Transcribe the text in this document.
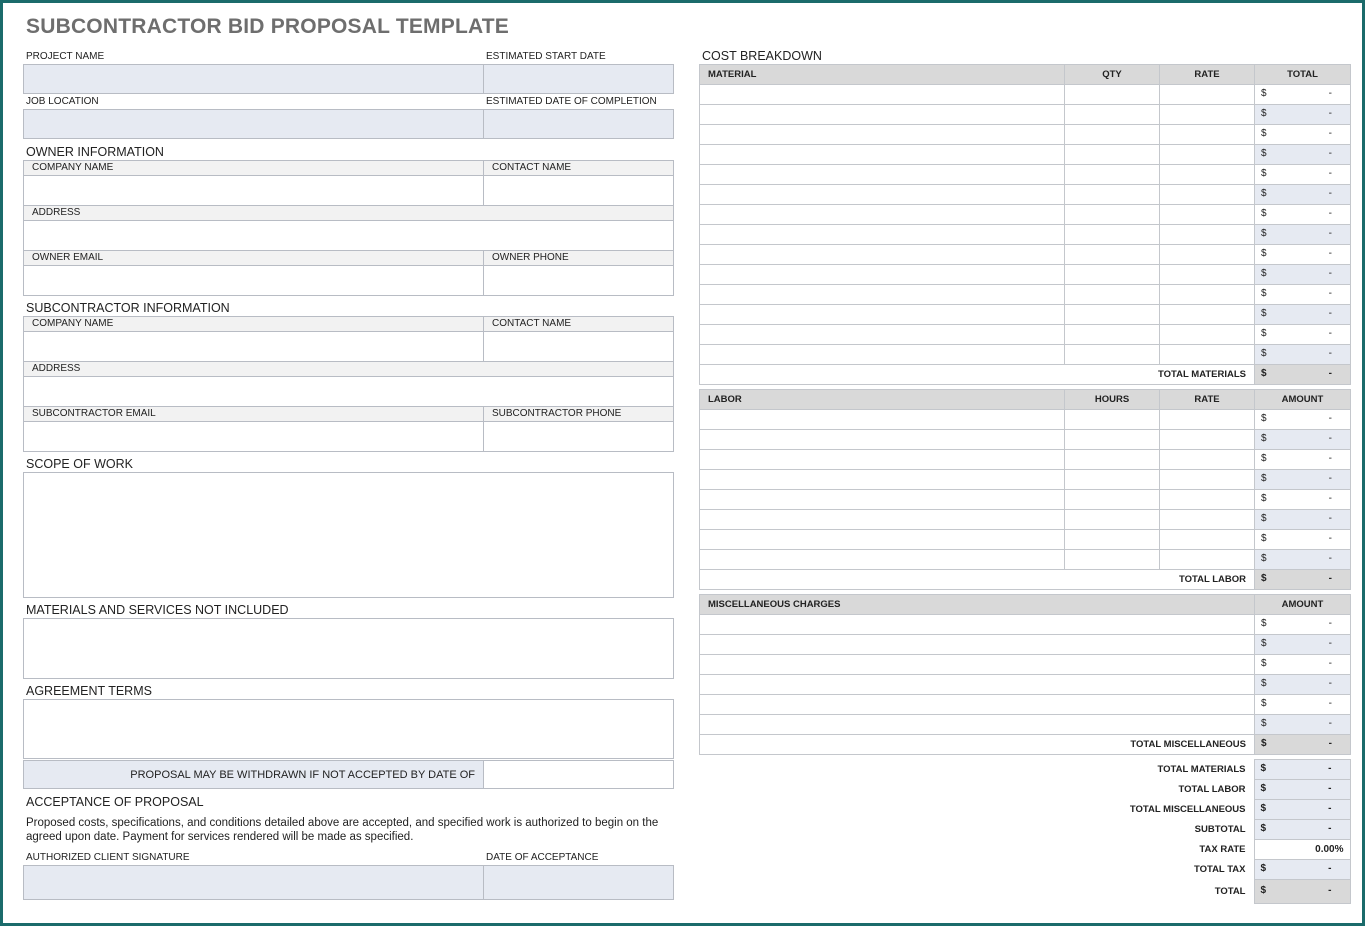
SUBCONTRACTOR BID PROPOSAL TEMPLATE
PROJECT NAME	ESTIMATED START DATE
JOB LOCATION	ESTIMATED DATE OF COMPLETION
OWNER INFORMATION
COMPANY NAME	CONTACT NAME
ADDRESS
OWNER EMAIL	OWNER PHONE
SUBCONTRACTOR INFORMATION
COMPANY NAME	CONTACT NAME
ADDRESS
SUBCONTRACTOR EMAIL	SUBCONTRACTOR PHONE
SCOPE OF WORK
MATERIALS AND SERVICES NOT INCLUDED
AGREEMENT TERMS
PROPOSAL MAY BE WITHDRAWN IF NOT ACCEPTED BY DATE OF
ACCEPTANCE OF PROPOSAL
Proposed costs, specifications, and conditions detailed above are accepted, and specified work is authorized to begin on the agreed upon date. Payment for services rendered will be made as specified.
AUTHORIZED CLIENT SIGNATURE	DATE OF ACCEPTANCE
COST BREAKDOWN
MATERIAL	QTY	RATE	TOTAL

			$ -

			$ -

			$ -

			$ -

			$ -

			$ -

			$ -

			$ -

			$ -

			$ -

			$ -

			$ -

			$ -

			$ -

TOTAL MATERIALS			$ -
LABOR	HOURS	RATE	AMOUNT

			$ -

			$ -

			$ -

			$ -

			$ -

			$ -

			$ -

			$ -

TOTAL LABOR			$ -
MISCELLANEOUS CHARGES	AMOUNT

	$ -

	$ -

	$ -

	$ -

	$ -

	$ -

TOTAL MISCELLANEOUS	$ -
TOTAL MATERIALS	$ -

TOTAL LABOR	$ -

TOTAL MISCELLANEOUS	$ -

SUBTOTAL	$ -

TAX RATE	0.00%

TOTAL TAX	$ -

TOTAL	$ -
